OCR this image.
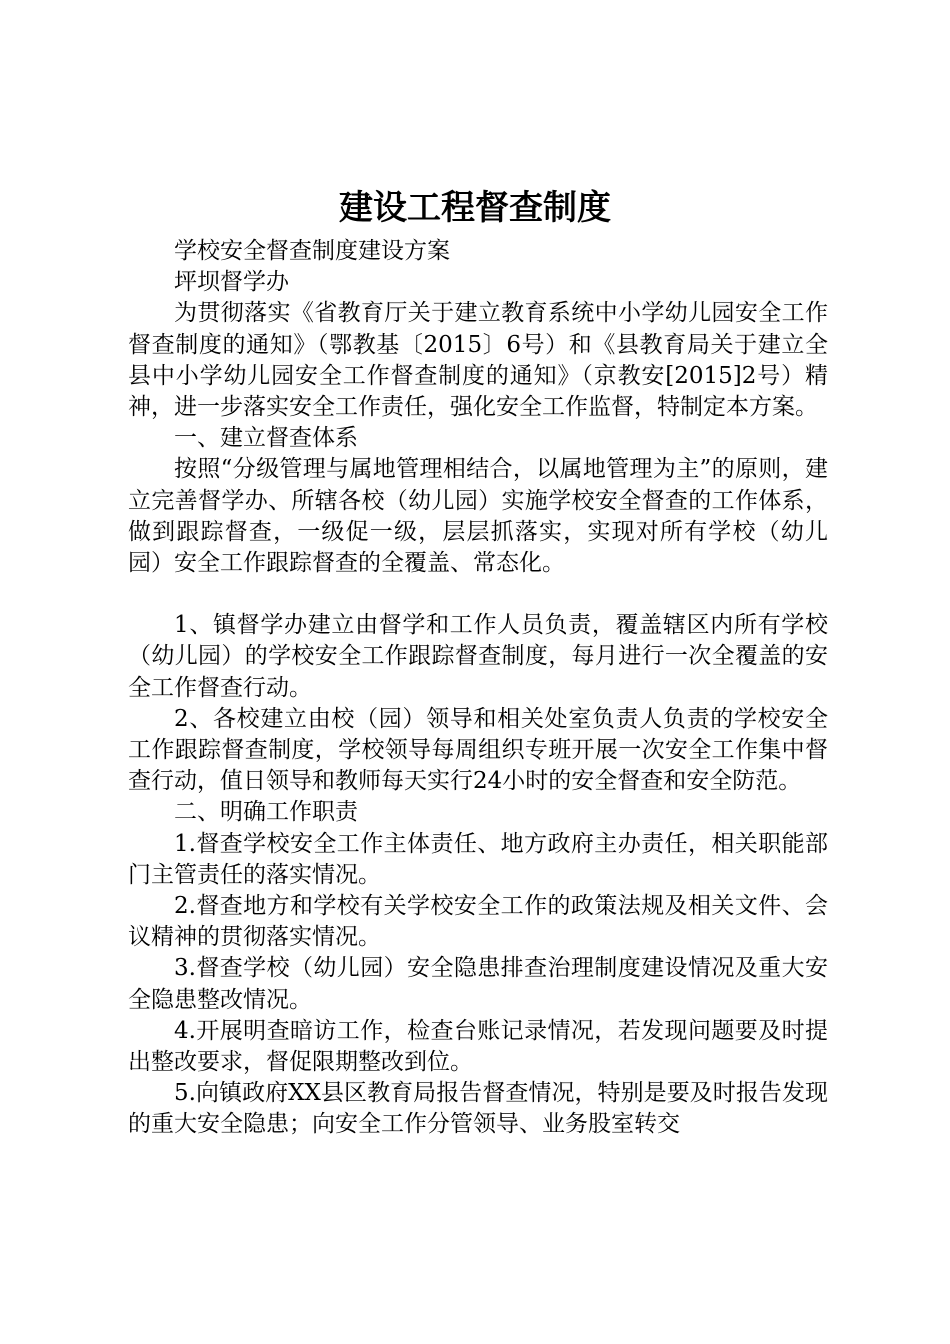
建设工程督查制度

学校安全督查制度建设方案

坪坝督学办

为贯彻落实《省教育厅关于建立教育系统中小学幼儿园安全工作督查制度的通知》（鄂教基〔2015〕6号）和《县教育局关于建立全县中小学幼儿园安全工作督查制度的通知》（京教安[2015]2号）精神，进一步落实安全工作责任，强化安全工作监督，特制定本方案。

一、建立督查体系

按照“分级管理与属地管理相结合，以属地管理为主”的原则，建立完善督学办、所辖各校（幼儿园）实施学校安全督查的工作体系，做到跟踪督查，一级促一级，层层抓落实，实现对所有学校（幼儿园）安全工作跟踪督查的全覆盖、常态化。

1、镇督学办建立由督学和工作人员负责，覆盖辖区内所有学校（幼儿园）的学校安全工作跟踪督查制度，每月进行一次全覆盖的安全工作督查行动。

2、各校建立由校（园）领导和相关处室负责人负责的学校安全工作跟踪督查制度，学校领导每周组织专班开展一次安全工作集中督查行动，值日领导和教师每天实行24小时的安全督查和安全防范。

二、明确工作职责

1.督查学校安全工作主体责任、地方政府主办责任，相关职能部门主管责任的落实情况。

2.督查地方和学校有关学校安全工作的政策法规及相关文件、会议精神的贯彻落实情况。

3.督查学校（幼儿园）安全隐患排查治理制度建设情况及重大安全隐患整改情况。

4.开展明查暗访工作，检查台账记录情况，若发现问题要及时提出整改要求，督促限期整改到位。

5.向镇政府XX县区教育局报告督查情况，特别是要及时报告发现的重大安全隐患；向安全工作分管领导、业务股室转交
